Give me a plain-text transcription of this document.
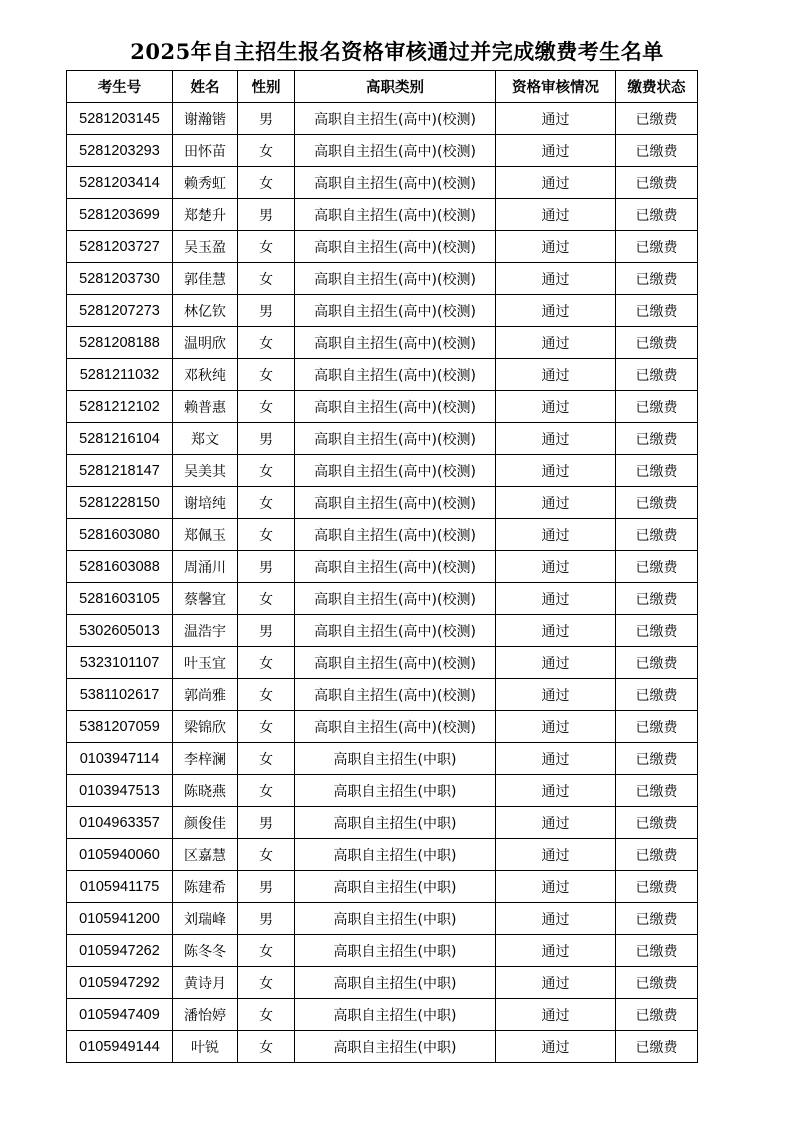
2025年自主招生报名资格审核通过并完成缴费考生名单
考生号	姓名	性别	高职类别	资格审核情况	缴费状态
5281203145	谢瀚锴	男	高职自主招生(高中)(校测)	通过	已缴费
5281203293	田怀苗	女	高职自主招生(高中)(校测)	通过	已缴费
5281203414	赖秀虹	女	高职自主招生(高中)(校测)	通过	已缴费
5281203699	郑楚升	男	高职自主招生(高中)(校测)	通过	已缴费
5281203727	吴玉盈	女	高职自主招生(高中)(校测)	通过	已缴费
5281203730	郭佳慧	女	高职自主招生(高中)(校测)	通过	已缴费
5281207273	林亿钦	男	高职自主招生(高中)(校测)	通过	已缴费
5281208188	温明欣	女	高职自主招生(高中)(校测)	通过	已缴费
5281211032	邓秋纯	女	高职自主招生(高中)(校测)	通过	已缴费
5281212102	赖普惠	女	高职自主招生(高中)(校测)	通过	已缴费
5281216104	郑文	男	高职自主招生(高中)(校测)	通过	已缴费
5281218147	吴美其	女	高职自主招生(高中)(校测)	通过	已缴费
5281228150	谢培纯	女	高职自主招生(高中)(校测)	通过	已缴费
5281603080	郑佩玉	女	高职自主招生(高中)(校测)	通过	已缴费
5281603088	周涌川	男	高职自主招生(高中)(校测)	通过	已缴费
5281603105	蔡馨宜	女	高职自主招生(高中)(校测)	通过	已缴费
5302605013	温浩宇	男	高职自主招生(高中)(校测)	通过	已缴费
5323101107	叶玉宜	女	高职自主招生(高中)(校测)	通过	已缴费
5381102617	郭尚雅	女	高职自主招生(高中)(校测)	通过	已缴费
5381207059	梁锦欣	女	高职自主招生(高中)(校测)	通过	已缴费
0103947114	李梓澜	女	高职自主招生(中职)	通过	已缴费
0103947513	陈晓燕	女	高职自主招生(中职)	通过	已缴费
0104963357	颜俊佳	男	高职自主招生(中职)	通过	已缴费
0105940060	区嘉慧	女	高职自主招生(中职)	通过	已缴费
0105941175	陈建希	男	高职自主招生(中职)	通过	已缴费
0105941200	刘瑞峰	男	高职自主招生(中职)	通过	已缴费
0105947262	陈冬冬	女	高职自主招生(中职)	通过	已缴费
0105947292	黄诗月	女	高职自主招生(中职)	通过	已缴费
0105947409	潘怡婷	女	高职自主招生(中职)	通过	已缴费
0105949144	叶锐	女	高职自主招生(中职)	通过	已缴费
